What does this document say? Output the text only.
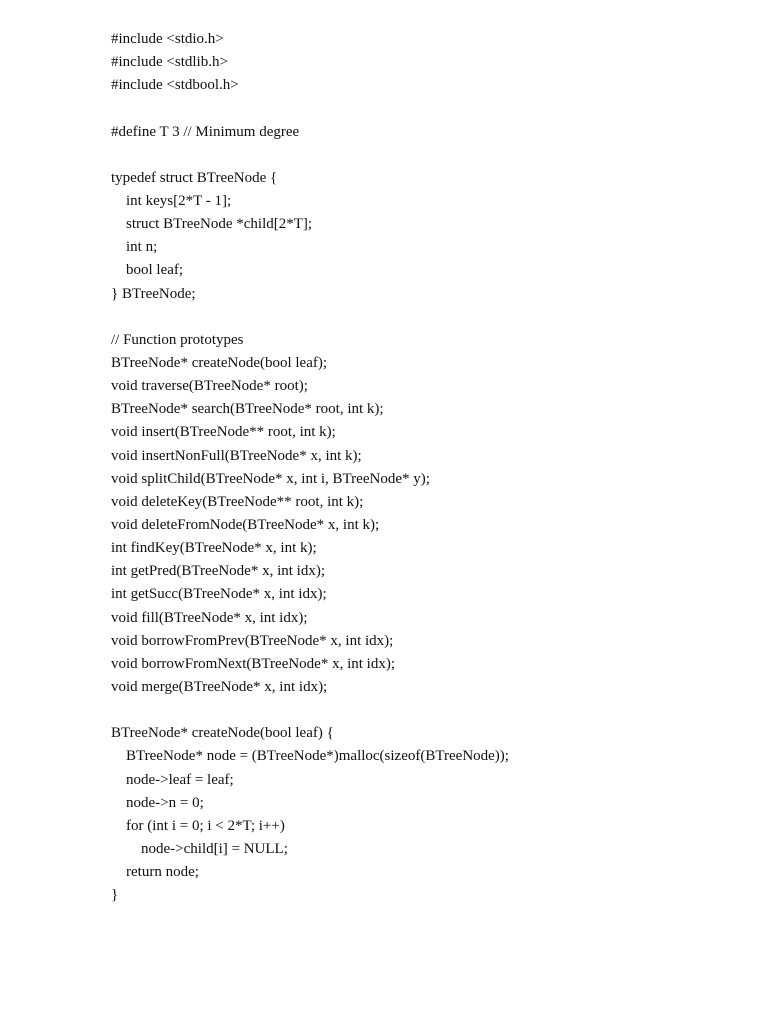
#include <stdio.h>
#include <stdlib.h>
#include <stdbool.h>
#define T 3 // Minimum degree
typedef struct BTreeNode {
int keys[2*T - 1];
struct BTreeNode *child[2*T];
int n;
bool leaf;
} BTreeNode;
// Function prototypes
BTreeNode* createNode(bool leaf);
void traverse(BTreeNode* root);
BTreeNode* search(BTreeNode* root, int k);
void insert(BTreeNode** root, int k);
void insertNonFull(BTreeNode* x, int k);
void splitChild(BTreeNode* x, int i, BTreeNode* y);
void deleteKey(BTreeNode** root, int k);
void deleteFromNode(BTreeNode* x, int k);
int findKey(BTreeNode* x, int k);
int getPred(BTreeNode* x, int idx);
int getSucc(BTreeNode* x, int idx);
void fill(BTreeNode* x, int idx);
void borrowFromPrev(BTreeNode* x, int idx);
void borrowFromNext(BTreeNode* x, int idx);
void merge(BTreeNode* x, int idx);
BTreeNode* createNode(bool leaf) {
BTreeNode* node = (BTreeNode*)malloc(sizeof(BTreeNode));
node->leaf = leaf;
node->n = 0;
for (int i = 0; i < 2*T; i++)
node->child[i] = NULL;
return node;
}
